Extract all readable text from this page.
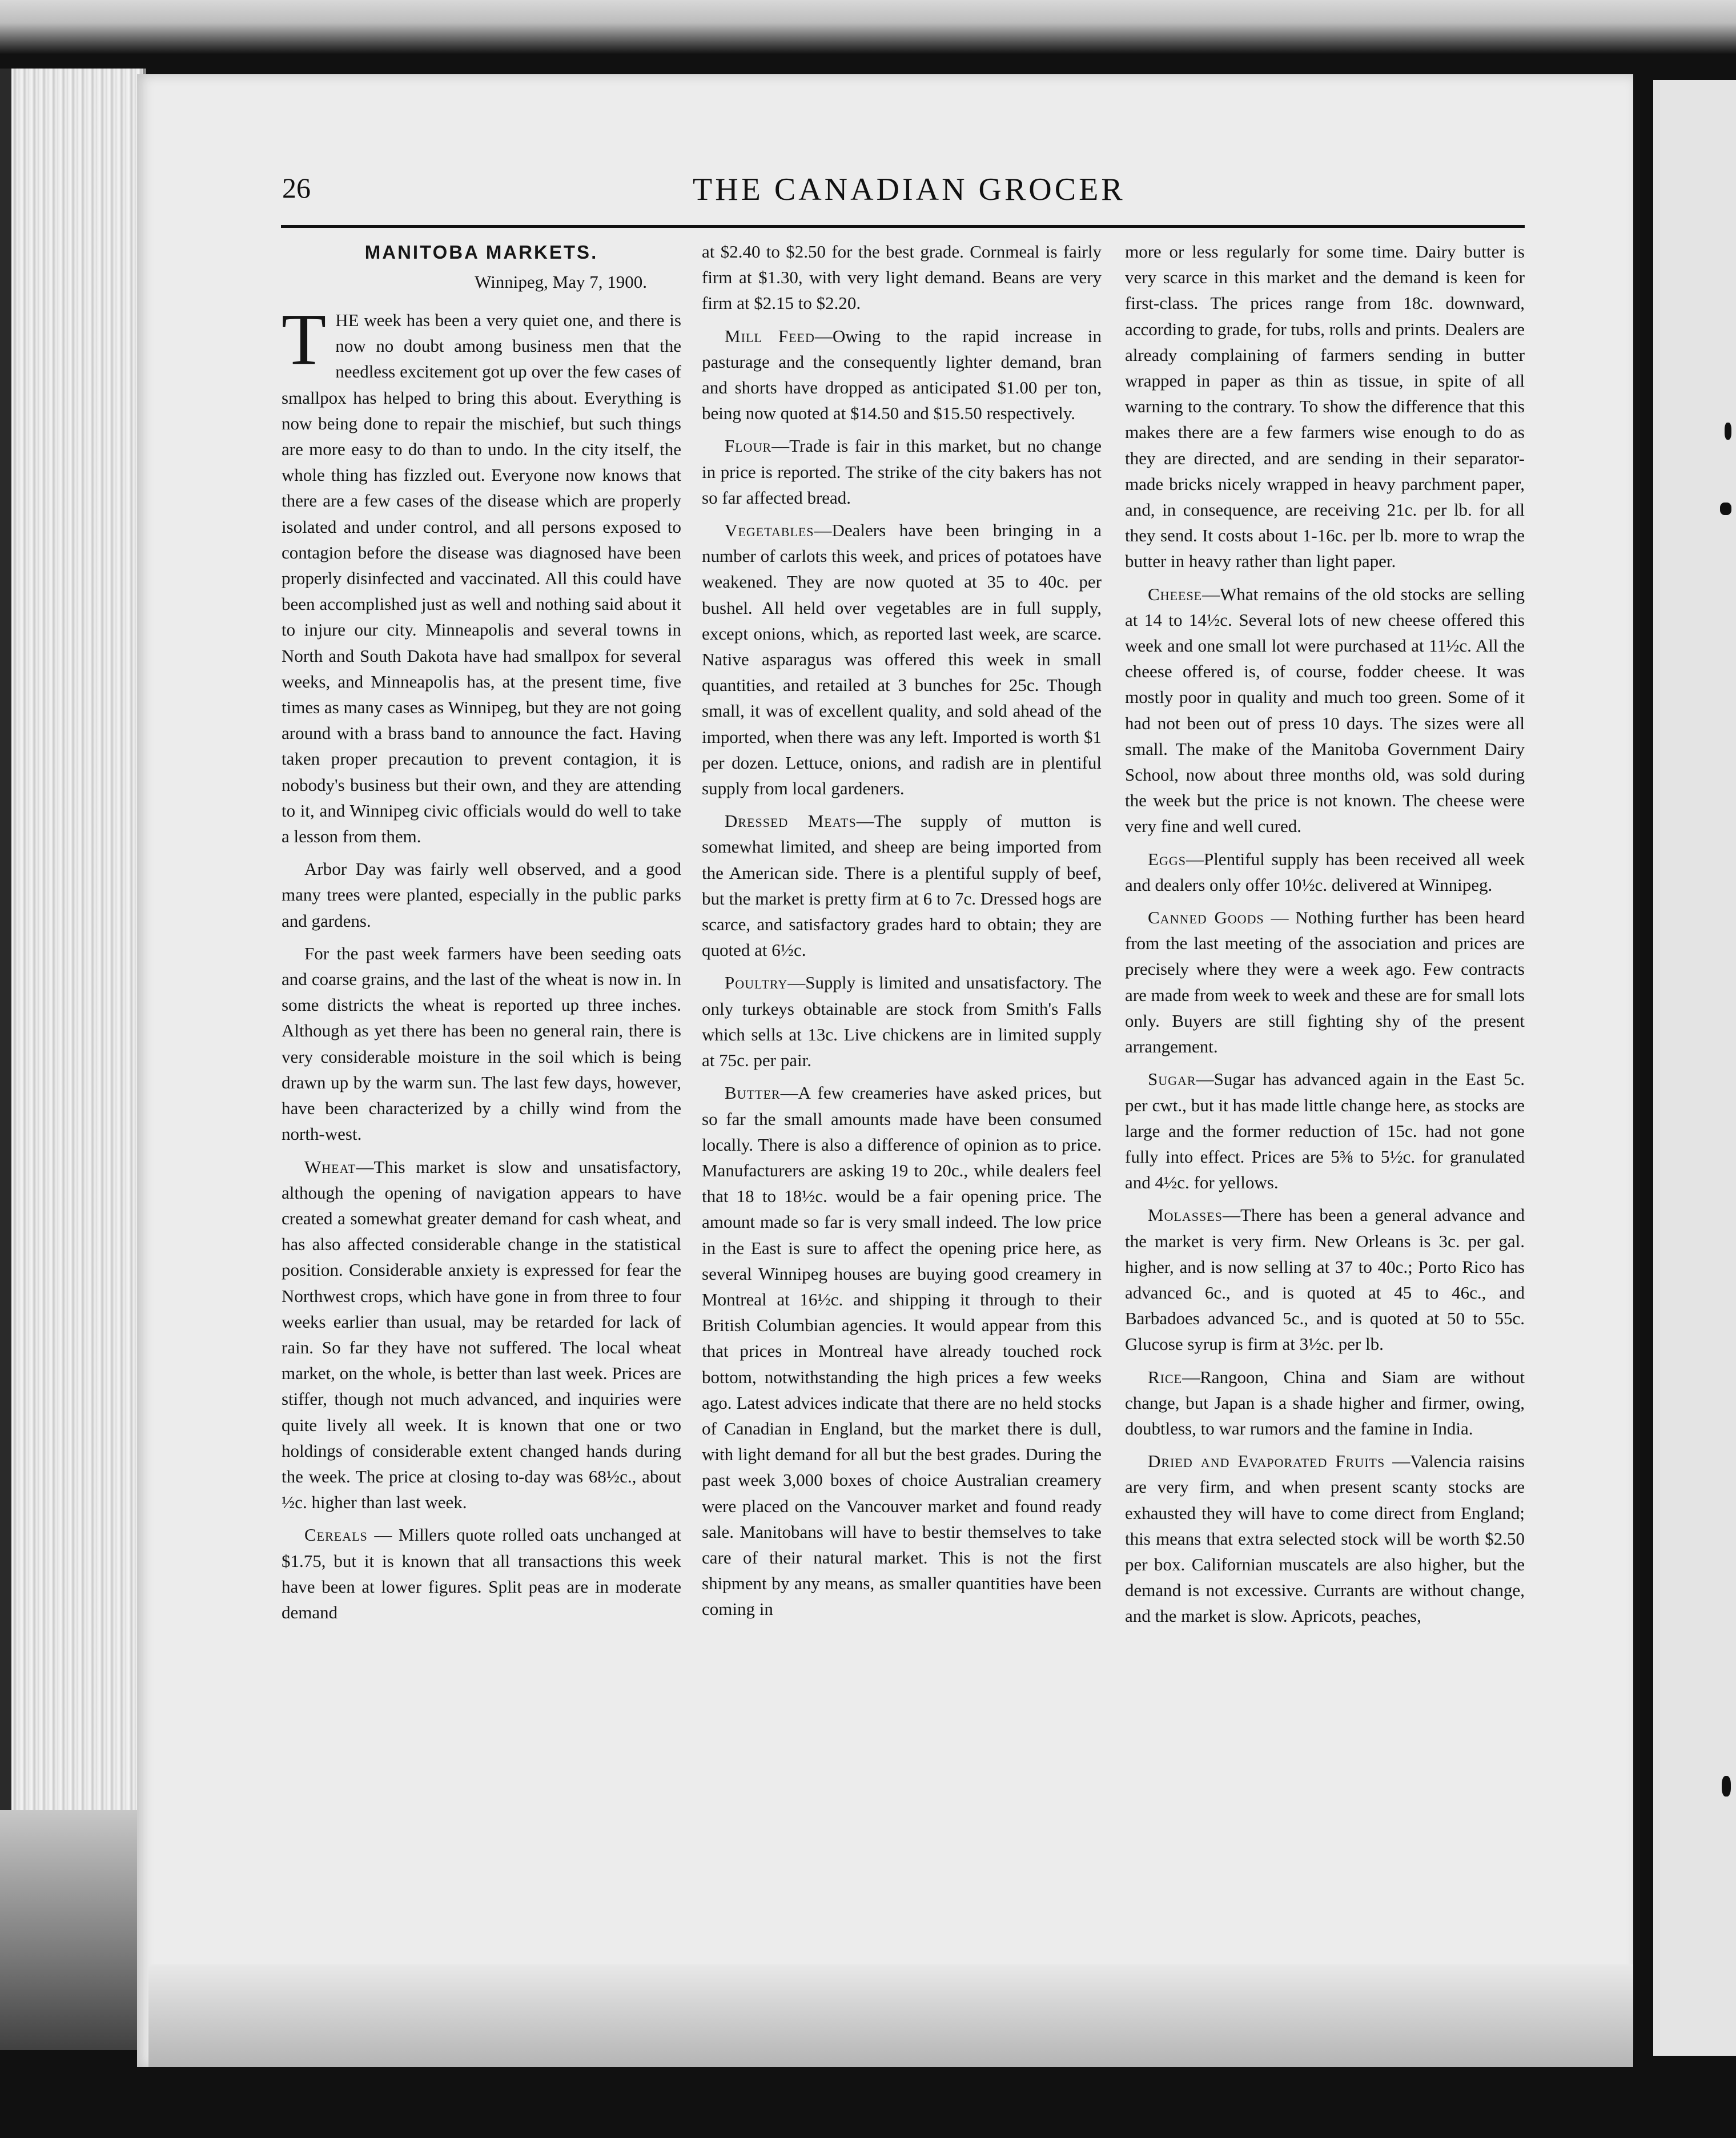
26	THE CANADIAN GROCER
MANITOBA MARKETS.
Winnipeg, May 7, 1900.

THE week has been a very quiet one, and there is now no doubt among business men that the needless excitement got up over the few cases of smallpox has helped to bring this about. Everything is now being done to repair the mischief, but such things are more easy to do than to undo. In the city itself, the whole thing has fizzled out. Everyone now knows that there are a few cases of the disease which are properly isolated and under control, and all persons exposed to contagion before the disease was diagnosed have been properly disinfected and vaccinated. All this could have been accomplished just as well and nothing said about it to injure our city. Minneapolis and several towns in North and South Dakota have had smallpox for several weeks, and Minneapolis has, at the present time, five times as many cases as Winnipeg, but they are not going around with a brass band to announce the fact. Having taken proper precaution to prevent contagion, it is nobody's business but their own, and they are attending to it, and Winnipeg civic officials would do well to take a lesson from them.

Arbor Day was fairly well observed, and a good many trees were planted, especially in the public parks and gardens.

For the past week farmers have been seeding oats and coarse grains, and the last of the wheat is now in. In some districts the wheat is reported up three inches. Although as yet there has been no general rain, there is very considerable moisture in the soil which is being drawn up by the warm sun. The last few days, however, have been characterized by a chilly wind from the north-west.

Wheat—This market is slow and unsatisfactory, although the opening of navigation appears to have created a somewhat greater demand for cash wheat, and has also affected considerable change in the statistical position. Considerable anxiety is expressed for fear the Northwest crops, which have gone in from three to four weeks earlier than usual, may be retarded for lack of rain. So far they have not suffered. The local wheat market, on the whole, is better than last week. Prices are stiffer, though not much advanced, and inquiries were quite lively all week. It is known that one or two holdings of considerable extent changed hands during the week. The price at closing to-day was 68½c., about ½c. higher than last week.

Cereals — Millers quote rolled oats unchanged at $1.75, but it is known that all transactions this week have been at lower figures. Split peas are in moderate demand

at $2.40 to $2.50 for the best grade. Cornmeal is fairly firm at $1.30, with very light demand. Beans are very firm at $2.15 to $2.20.

Mill Feed—Owing to the rapid increase in pasturage and the consequently lighter demand, bran and shorts have dropped as anticipated $1.00 per ton, being now quoted at $14.50 and $15.50 respectively.

Flour—Trade is fair in this market, but no change in price is reported. The strike of the city bakers has not so far affected bread.

Vegetables—Dealers have been bringing in a number of carlots this week, and prices of potatoes have weakened. They are now quoted at 35 to 40c. per bushel. All held over vegetables are in full supply, except onions, which, as reported last week, are scarce. Native asparagus was offered this week in small quantities, and retailed at 3 bunches for 25c. Though small, it was of excellent quality, and sold ahead of the imported, when there was any left. Imported is worth $1 per dozen. Lettuce, onions, and radish are in plentiful supply from local gardeners.

Dressed Meats—The supply of mutton is somewhat limited, and sheep are being imported from the American side. There is a plentiful supply of beef, but the market is pretty firm at 6 to 7c. Dressed hogs are scarce, and satisfactory grades hard to obtain; they are quoted at 6½c.

Poultry—Supply is limited and unsatisfactory. The only turkeys obtainable are stock from Smith's Falls which sells at 13c. Live chickens are in limited supply at 75c. per pair.

Butter—A few creameries have asked prices, but so far the small amounts made have been consumed locally. There is also a difference of opinion as to price. Manufacturers are asking 19 to 20c., while dealers feel that 18 to 18½c. would be a fair opening price. The amount made so far is very small indeed. The low price in the East is sure to affect the opening price here, as several Winnipeg houses are buying good creamery in Montreal at 16½c. and shipping it through to their British Columbian agencies. It would appear from this that prices in Montreal have already touched rock bottom, notwithstanding the high prices a few weeks ago. Latest advices indicate that there are no held stocks of Canadian in England, but the market there is dull, with light demand for all but the best grades. During the past week 3,000 boxes of choice Australian creamery were placed on the Vancouver market and found ready sale. Manitobans will have to bestir themselves to take care of their natural market. This is not the first shipment by any means, as smaller quantities have been coming in

more or less regularly for some time. Dairy butter is very scarce in this market and the demand is keen for first-class. The prices range from 18c. downward, according to grade, for tubs, rolls and prints. Dealers are already complaining of farmers sending in butter wrapped in paper as thin as tissue, in spite of all warning to the contrary. To show the difference that this makes there are a few farmers wise enough to do as they are directed, and are sending in their separator-made bricks nicely wrapped in heavy parchment paper, and, in consequence, are receiving 21c. per lb. for all they send. It costs about 1-16c. per lb. more to wrap the butter in heavy rather than light paper.

Cheese—What remains of the old stocks are selling at 14 to 14½c. Several lots of new cheese offered this week and one small lot were purchased at 11½c. All the cheese offered is, of course, fodder cheese. It was mostly poor in quality and much too green. Some of it had not been out of press 10 days. The sizes were all small. The make of the Manitoba Government Dairy School, now about three months old, was sold during the week but the price is not known. The cheese were very fine and well cured.

Eggs—Plentiful supply has been received all week and dealers only offer 10½c. delivered at Winnipeg.

Canned Goods — Nothing further has been heard from the last meeting of the association and prices are precisely where they were a week ago. Few contracts are made from week to week and these are for small lots only. Buyers are still fighting shy of the present arrangement.

Sugar—Sugar has advanced again in the East 5c. per cwt., but it has made little change here, as stocks are large and the former reduction of 15c. had not gone fully into effect. Prices are 5⅜ to 5½c. for granulated and 4½c. for yellows.

Molasses—There has been a general advance and the market is very firm. New Orleans is 3c. per gal. higher, and is now selling at 37 to 40c.; Porto Rico has advanced 6c., and is quoted at 45 to 46c., and Barbadoes advanced 5c., and is quoted at 50 to 55c. Glucose syrup is firm at 3½c. per lb.

Rice—Rangoon, China and Siam are without change, but Japan is a shade higher and firmer, owing, doubtless, to war rumors and the famine in India.

Dried and Evaporated Fruits —Valencia raisins are very firm, and when present scanty stocks are exhausted they will have to come direct from England; this means that extra selected stock will be worth $2.50 per box. Californian muscatels are also higher, but the demand is not excessive. Currants are without change, and the market is slow. Apricots, peaches,
